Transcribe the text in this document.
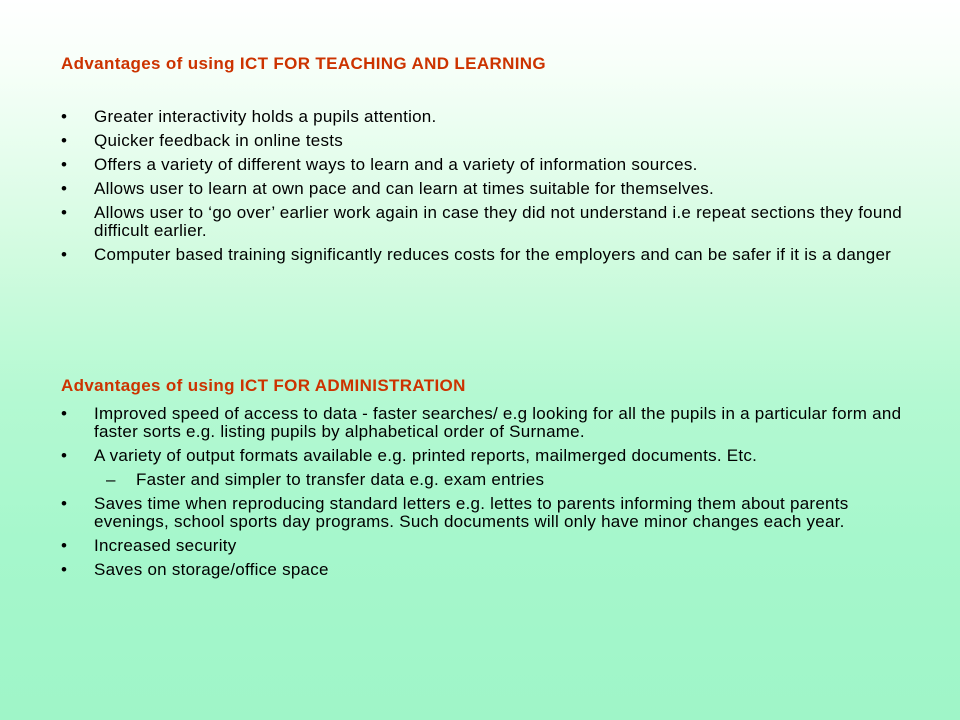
Advantages of using ICT FOR TEACHING AND LEARNING
•	Greater interactivity holds a pupils attention.
•	Quicker feedback in online tests
•	Offers a variety of different ways to learn and a variety of information sources.
•	Allows user to learn at own pace and can learn at times suitable for themselves.
•	Allows user to ‘go over’ earlier work again in case they did not understand i.e repeat sections they found difficult earlier.
•	Computer based training significantly reduces costs for the employers and can be safer if it is a danger
Advantages of using ICT FOR ADMINISTRATION
•	Improved speed of access to data - faster searches/ e.g looking for all the pupils in a particular form and faster sorts e.g. listing pupils by alphabetical order of Surname.
•	A variety of output formats available e.g. printed reports, mailmerged documents. Etc.
–	Faster and simpler to transfer data e.g. exam entries
•	Saves time when reproducing standard letters e.g. lettes to parents informing them about parents evenings, school sports day programs. Such documents will only have minor changes each year.
•	Increased security
•	Saves on storage/office space
